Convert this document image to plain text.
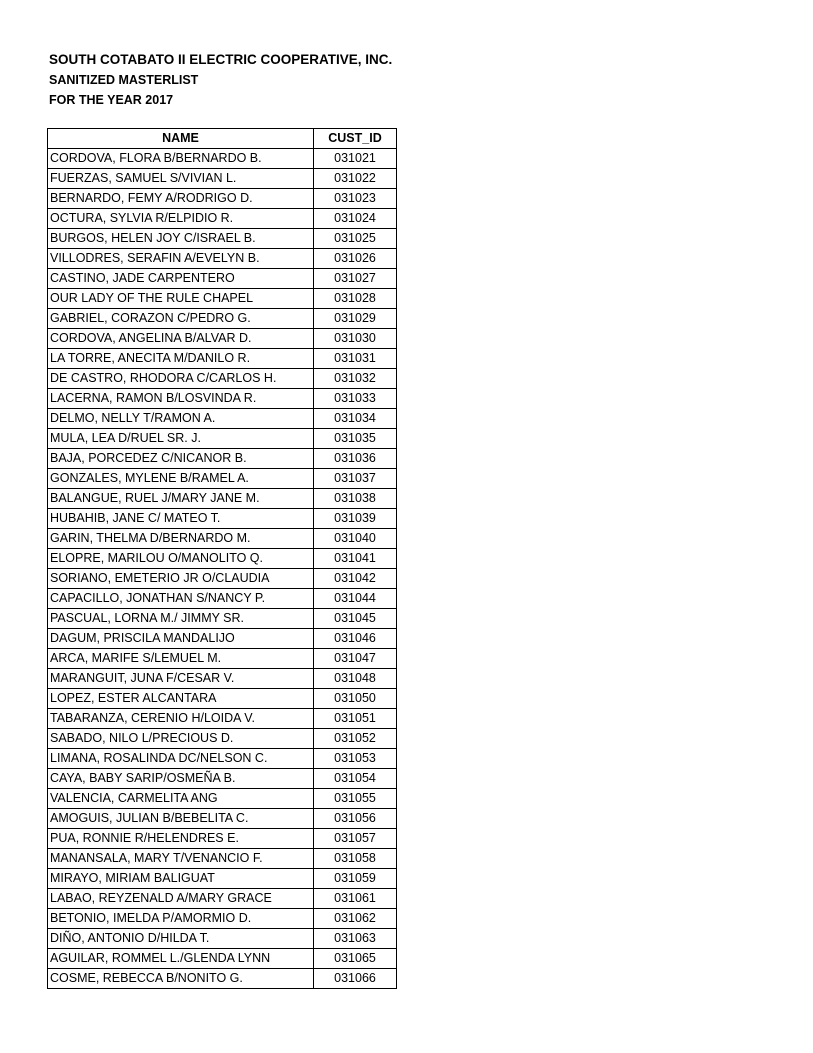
SOUTH COTABATO II ELECTRIC COOPERATIVE, INC.
SANITIZED MASTERLIST
FOR THE YEAR 2017
NAME	CUST_ID
CORDOVA, FLORA B/BERNARDO B.	031021
FUERZAS, SAMUEL S/VIVIAN L.	031022
BERNARDO, FEMY A/RODRIGO D.	031023
OCTURA, SYLVIA R/ELPIDIO R.	031024
BURGOS, HELEN JOY C/ISRAEL B.	031025
VILLODRES, SERAFIN A/EVELYN B.	031026
CASTINO, JADE CARPENTERO	031027
OUR LADY OF THE RULE CHAPEL	031028
GABRIEL, CORAZON C/PEDRO G.	031029
CORDOVA, ANGELINA B/ALVAR D.	031030
LA TORRE, ANECITA M/DANILO R.	031031
DE CASTRO, RHODORA C/CARLOS H.	031032
LACERNA, RAMON B/LOSVINDA R.	031033
DELMO, NELLY T/RAMON A.	031034
MULA, LEA D/RUEL SR. J.	031035
BAJA, PORCEDEZ C/NICANOR B.	031036
GONZALES, MYLENE B/RAMEL A.	031037
BALANGUE, RUEL J/MARY JANE M.	031038
HUBAHIB, JANE C/ MATEO T.	031039
GARIN, THELMA D/BERNARDO M.	031040
ELOPRE, MARILOU O/MANOLITO Q.	031041
SORIANO, EMETERIO JR O/CLAUDIA	031042
CAPACILLO, JONATHAN S/NANCY P.	031044
PASCUAL, LORNA M./ JIMMY SR.	031045
DAGUM, PRISCILA MANDALIJO	031046
ARCA, MARIFE S/LEMUEL M.	031047
MARANGUIT, JUNA F/CESAR V.	031048
LOPEZ, ESTER ALCANTARA	031050
TABARANZA, CERENIO H/LOIDA V.	031051
SABADO, NILO L/PRECIOUS D.	031052
LIMANA, ROSALINDA DC/NELSON C.	031053
CAYA, BABY SARIP/OSMEÑA B.	031054
VALENCIA, CARMELITA ANG	031055
AMOGUIS, JULIAN B/BEBELITA C.	031056
PUA, RONNIE R/HELENDRES E.	031057
MANANSALA, MARY T/VENANCIO F.	031058
MIRAYO, MIRIAM BALIGUAT	031059
LABAO, REYZENALD A/MARY GRACE	031061
BETONIO, IMELDA P/AMORMIO D.	031062
DIÑO, ANTONIO D/HILDA T.	031063
AGUILAR, ROMMEL L./GLENDA LYNN	031065
COSME, REBECCA B/NONITO G.	031066
